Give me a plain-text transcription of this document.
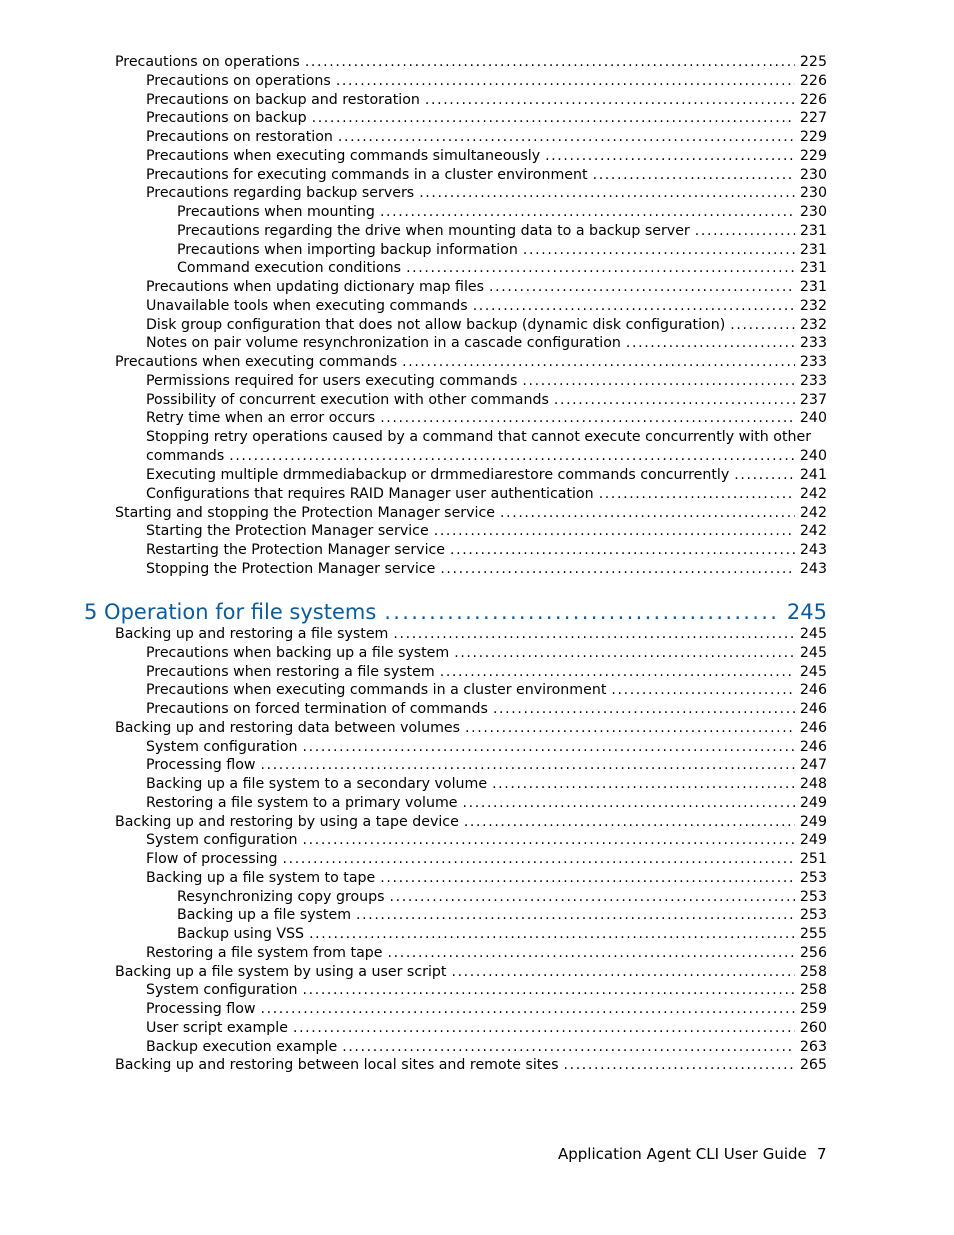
Precautions on operations . . .	225
Precautions on operations . . .	226
Precautions on backup and restoration . . .	226
Precautions on backup . . .	227
Precautions on restoration . . .	229
Precautions when executing commands simultaneously . . .	229
Precautions for executing commands in a cluster environment . . .	230
Precautions regarding backup servers . . .	230
Precautions when mounting . . .	230
Precautions regarding the drive when mounting data to a backup server . . .	231
Precautions when importing backup information . . .	231
Command execution conditions . . .	231
Precautions when updating dictionary map files . . .	231
Unavailable tools when executing commands . . .	232
Disk group configuration that does not allow backup (dynamic disk configuration) . . .	232
Notes on pair volume resynchronization in a cascade configuration . . .	233
Precautions when executing commands . . .	233
Permissions required for users executing commands . . .	233
Possibility of concurrent execution with other commands . . .	237
Retry time when an error occurs . . .	240
Stopping retry operations caused by a command that cannot execute concurrently with other
commands . . .	240
Executing multiple drmmediabackup or drmmediarestore commands concurrently . . .	241
Configurations that requires RAID Manager user authentication . . .	242
Starting and stopping the Protection Manager service . . .	242
Starting the Protection Manager service . . .	242
Restarting the Protection Manager service . . .	243
Stopping the Protection Manager service . . .	243
5 Operation for file systems .....	245
Backing up and restoring a file system . . .	245
Precautions when backing up a file system . . .	245
Precautions when restoring a file system . . .	245
Precautions when executing commands in a cluster environment . . .	246
Precautions on forced termination of commands . . .	246
Backing up and restoring data between volumes . . .	246
System configuration . . .	246
Processing flow . . .	247
Backing up a file system to a secondary volume . . .	248
Restoring a file system to a primary volume . . .	249
Backing up and restoring by using a tape device . . .	249
System configuration . . .	249
Flow of processing . . .	251
Backing up a file system to tape . . .	253
Resynchronizing copy groups . . .	253
Backing up a file system . . .	253
Backup using VSS . . .	255
Restoring a file system from tape . . .	256
Backing up a file system by using a user script . . .	258
System configuration . . .	258
Processing flow . . .	259
User script example . . .	260
Backup execution example . . .	263
Backing up and restoring between local sites and remote sites . . .	265
Application Agent CLI User Guide 7
